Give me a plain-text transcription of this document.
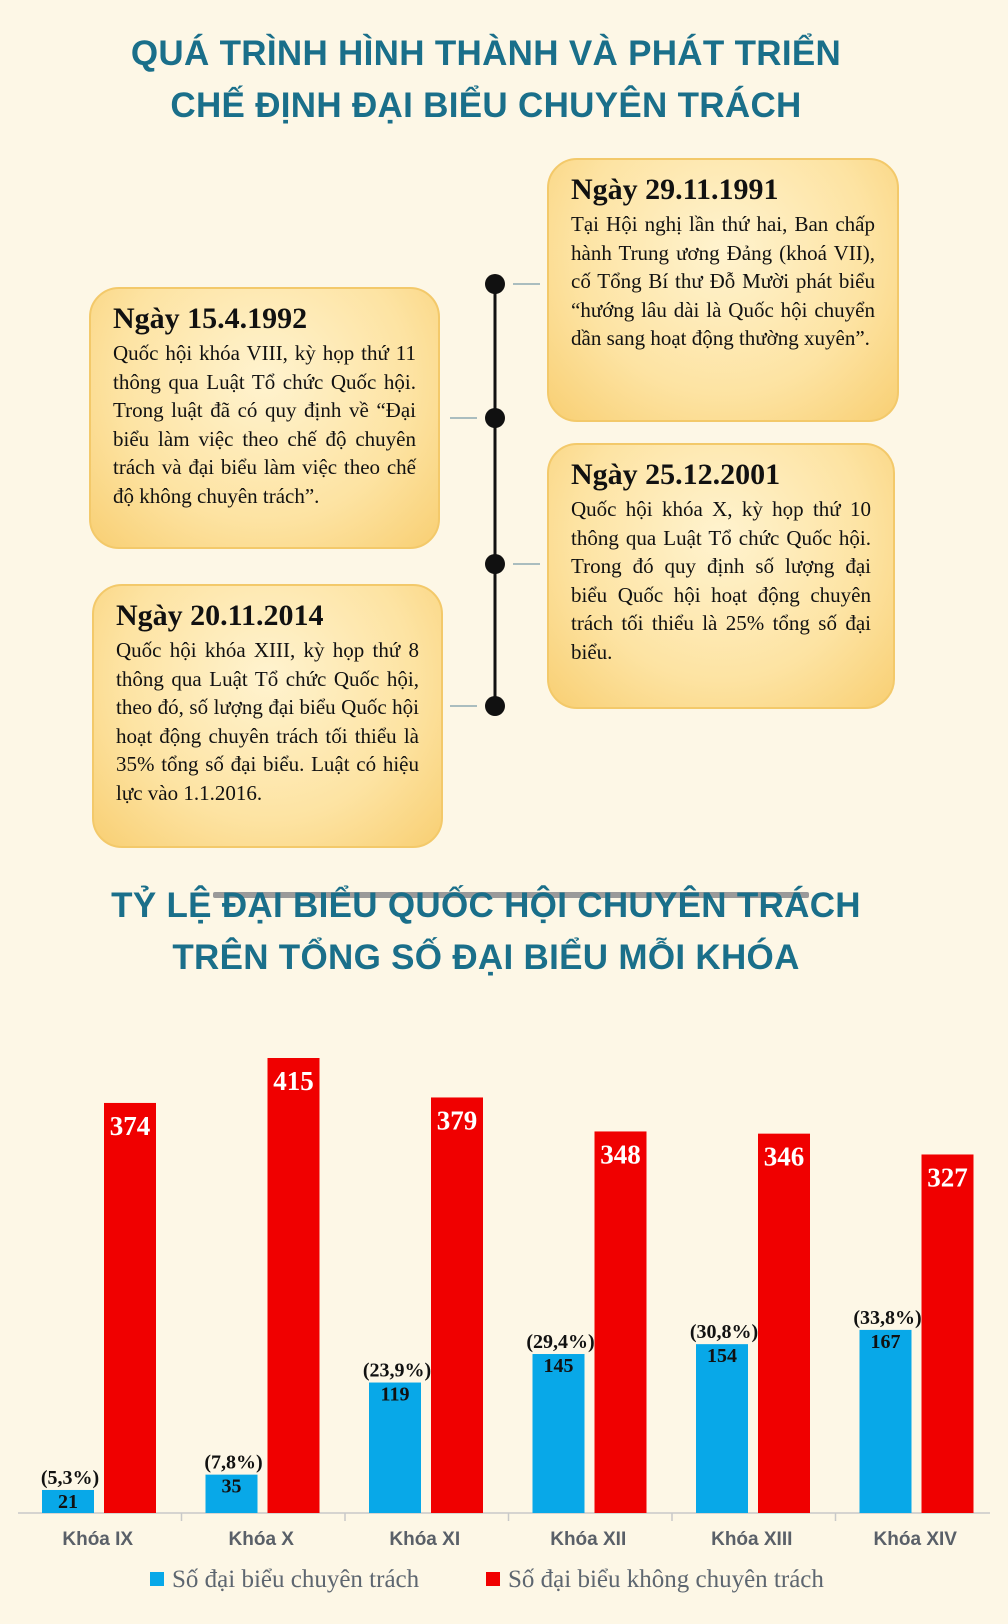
QUÁ TRÌNH HÌNH THÀNH VÀ PHÁT TRIỂN
CHẾ ĐỊNH ĐẠI BIỂU CHUYÊN TRÁCH
Ngày 29.11.1991
Tại Hội nghị lần thứ hai, Ban chấp hành Trung ương Đảng (khoá VII), cố Tổng Bí thư Đỗ Mười phát biểu “hướng lâu dài là Quốc hội chuyển dần sang hoạt động thường xuyên”.
Ngày 15.4.1992
Quốc hội khóa VIII, kỳ họp thứ 11 thông qua Luật Tổ chức Quốc hội. Trong luật đã có quy định về “Đại biểu làm việc theo chế độ chuyên trách và đại biểu làm việc theo chế độ không chuyên trách”.
Ngày 25.12.2001
Quốc hội khóa X, kỳ họp thứ 10 thông qua Luật Tổ chức Quốc hội. Trong đó quy định số lượng đại biểu Quốc hội hoạt động chuyên trách tối thiểu là 25% tổng số đại biểu.
Ngày 20.11.2014
Quốc hội khóa XIII, kỳ họp thứ 8 thông qua Luật Tổ chức Quốc hội, theo đó, số lượng đại biểu Quốc hội hoạt động chuyên trách tối thiểu là 35% tổng số đại biểu. Luật có hiệu lực vào 1.1.2016.
TỶ LỆ ĐẠI BIỂU QUỐC HỘI CHUYÊN TRÁCH
TRÊN TỔNG SỐ ĐẠI BIỂU MỖI KHÓA
21
(5,3%)
374
Khóa IX
35
(7,8%)
415
Khóa X
119
(23,9%)
379
Khóa XI
145
(29,4%)
348
Khóa XII
154
(30,8%)
346
Khóa XIII
167
(33,8%)
327
Khóa XIV
Số đại biểu chuyên trách	Số đại biểu không chuyên trách
